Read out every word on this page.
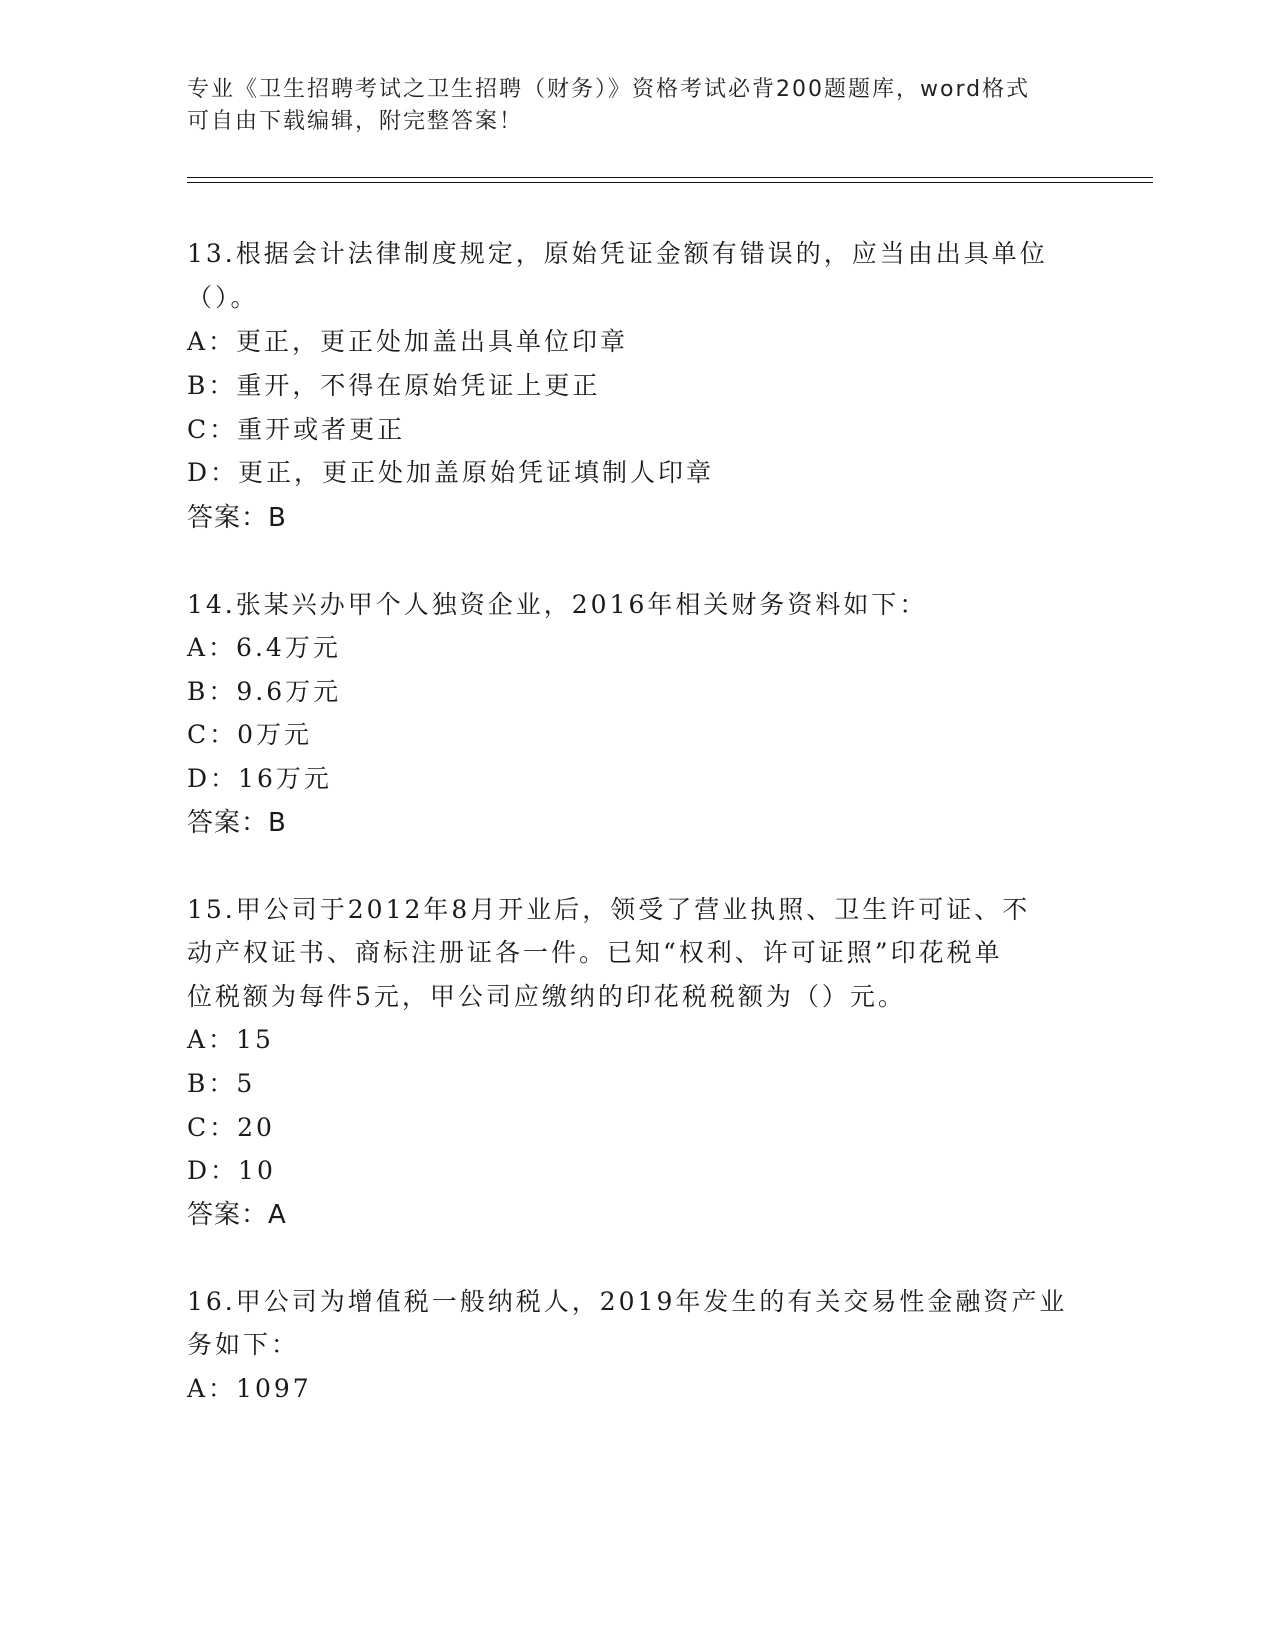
专业《卫生招聘考试之卫生招聘（财务）》资格考试必背200题题库，word格式
可自由下载编辑，附完整答案！
13.根据会计法律制度规定，原始凭证金额有错误的，应当由出具单位
（）。
A：更正，更正处加盖出具单位印章
B：重开，不得在原始凭证上更正
C：重开或者更正
D：更正，更正处加盖原始凭证填制人印章
答案：B
14.张某兴办甲个人独资企业，2016年相关财务资料如下：
A：6.4万元
B：9.6万元
C：0万元
D：16万元
答案：B
15.甲公司于2012年8月开业后，领受了营业执照、卫生许可证、不
动产权证书、商标注册证各一件。已知“权利、许可证照”印花税单
位税额为每件5元，甲公司应缴纳的印花税税额为（）元。
A：15
B：5
C：20
D：10
答案：A
16.甲公司为增值税一般纳税人，2019年发生的有关交易性金融资产业
务如下：
A：1097
